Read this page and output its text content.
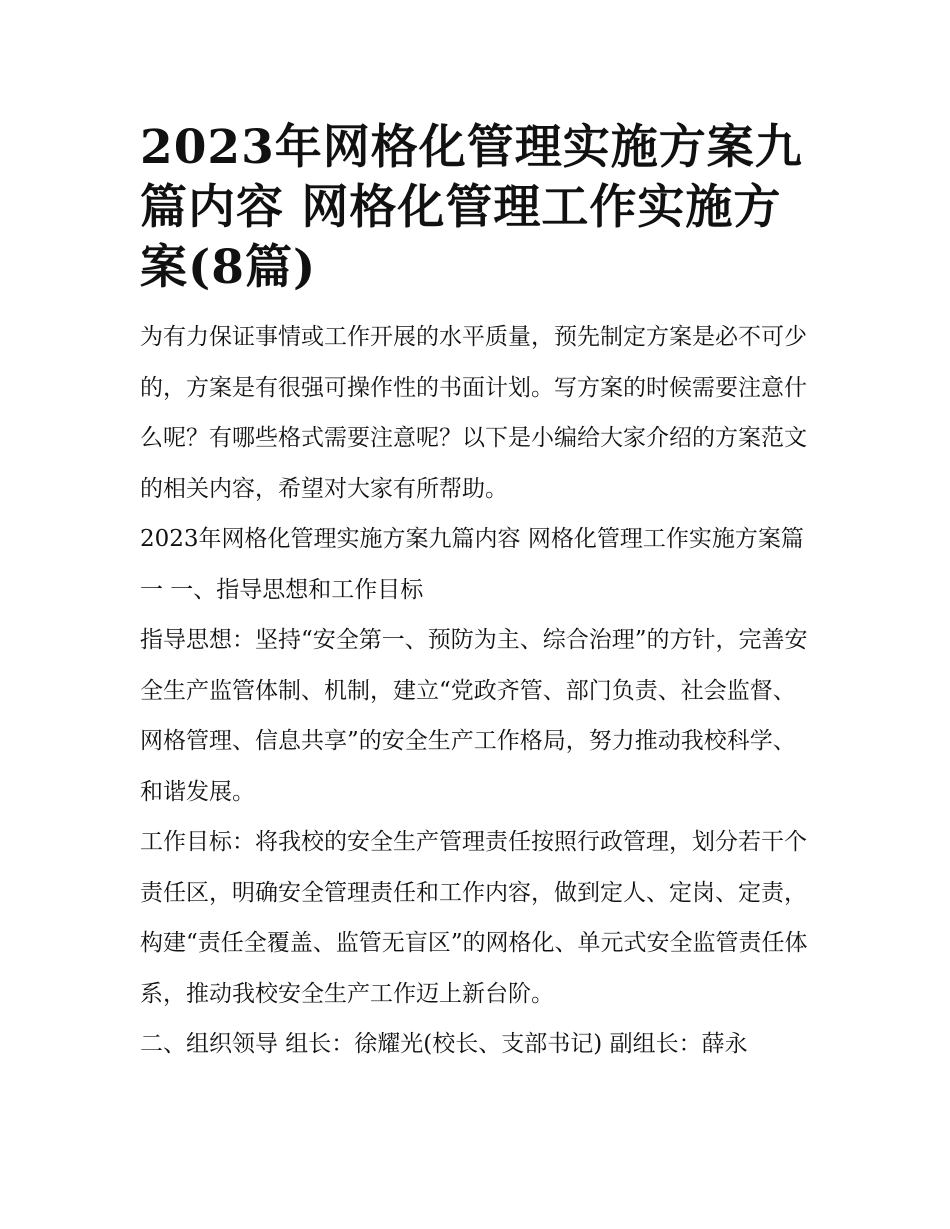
2023年网格化管理实施方案九篇内容 网格化管理工作实施方案(8篇)

为有力保证事情或工作开展的水平质量，预先制定方案是必不可少的，方案是有很强可操作性的书面计划。写方案的时候需要注意什么呢？有哪些格式需要注意呢？以下是小编给大家介绍的方案范文的相关内容，希望对大家有所帮助。

2023年网格化管理实施方案九篇内容 网格化管理工作实施方案篇一 一、指导思想和工作目标

指导思想：坚持“安全第一、预防为主、综合治理”的方针，完善安全生产监管体制、机制，建立“党政齐管、部门负责、社会监督、网格管理、信息共享”的安全生产工作格局，努力推动我校科学、和谐发展。

工作目标：将我校的安全生产管理责任按照行政管理，划分若干个责任区，明确安全管理责任和工作内容，做到定人、定岗、定责，构建“责任全覆盖、监管无盲区”的网格化、单元式安全监管责任体系，推动我校安全生产工作迈上新台阶。

二、组织领导 组长：徐耀光(校长、支部书记) 副组长：薛永
